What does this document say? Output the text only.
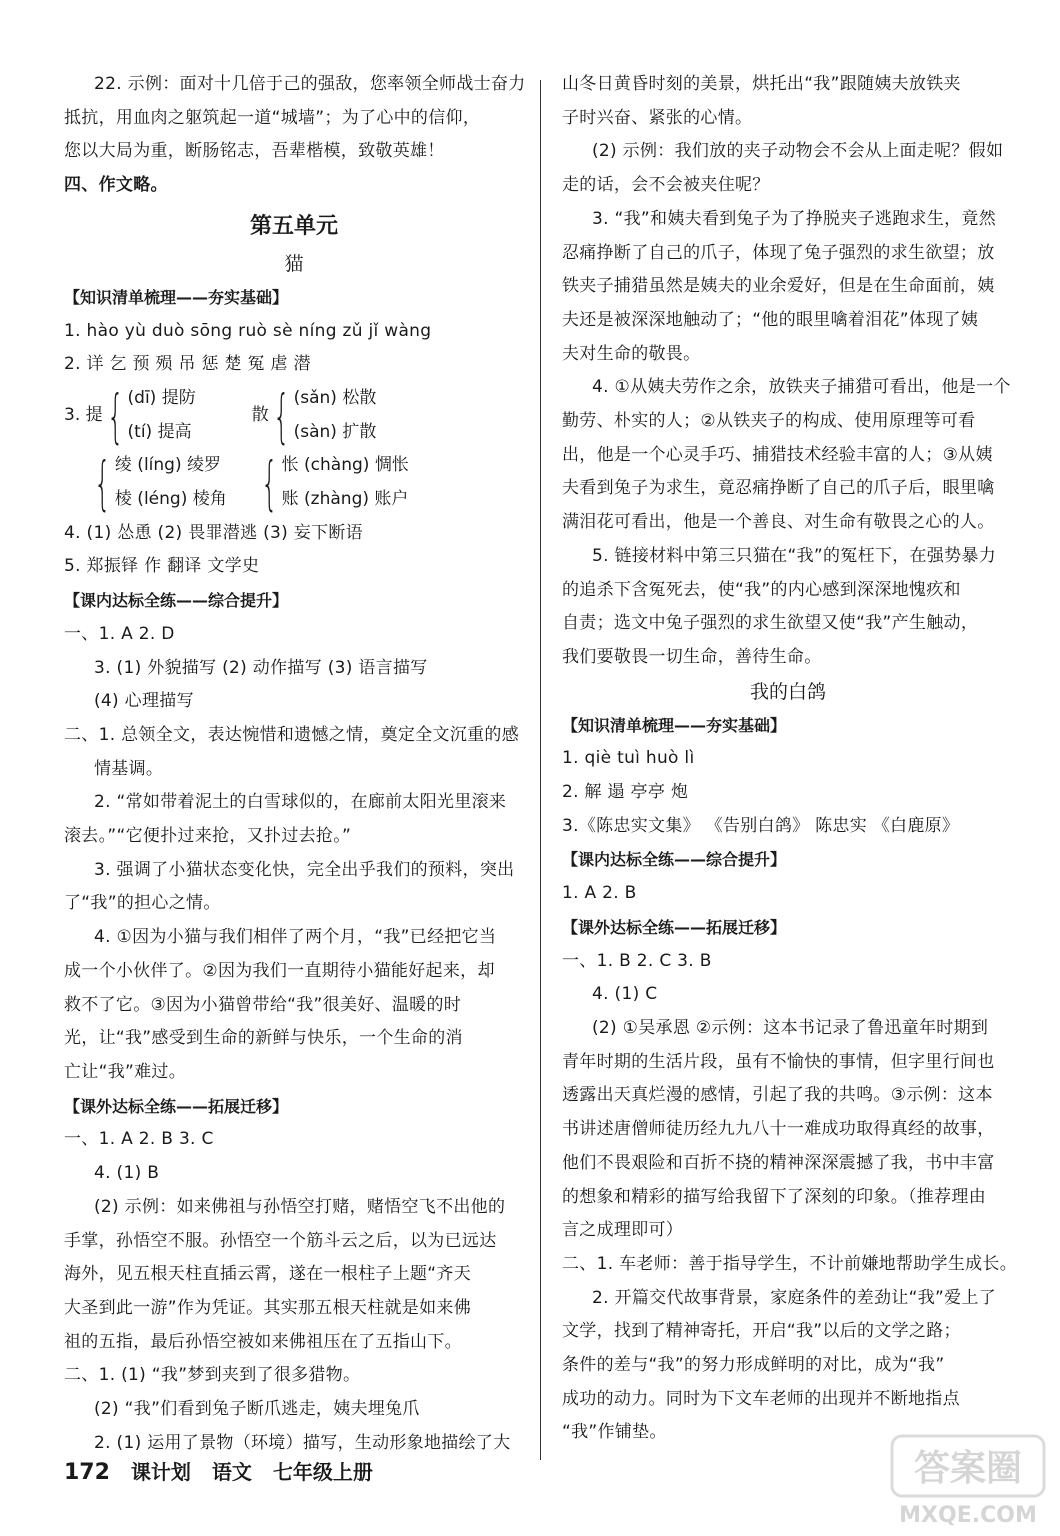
22. 示例：面对十几倍于己的强敌，您率领全师战士奋力
抵抗，用血肉之躯筑起一道“城墙”；为了心中的信仰，
您以大局为重，断肠铭志，吾辈楷模，致敬英雄！
四、作文略。
第五单元
猫
【知识清单梳理——夯实基础】
1. hào yù duò sōng ruò sè níng zǔ jǐ wàng
2. 详 乞 预 殒 吊 惩 楚 冤 虐 潜
3. 提 { (dī) 提防
(tí) 提高
散 { (sǎn) 松散
(sàn) 扩散
{ 绫 (líng) 绫罗
棱 (léng) 棱角 { 怅 (chàng) 惆怅
账 (zhàng) 账户
4. (1) 怂恿 (2) 畏罪潜逃 (3) 妄下断语
5. 郑振铎 作 翻译 文学史
【课内达标全练——综合提升】
一、1. A 2. D
3. (1) 外貌描写 (2) 动作描写 (3) 语言描写
(4) 心理描写
二、1. 总领全文，表达惋惜和遗憾之情，奠定全文沉重的感
情基调。
2. “常如带着泥土的白雪球似的，在廊前太阳光里滚来
滚去。”“它便扑过来抢，又扑过去抢。”
3. 强调了小猫状态变化快，完全出乎我们的预料，突出
了“我”的担心之情。
4. ①因为小猫与我们相伴了两个月，“我”已经把它当
成一个小伙伴了。②因为我们一直期待小猫能好起来，却
救不了它。③因为小猫曾带给“我”很美好、温暖的时
光，让“我”感受到生命的新鲜与快乐，一个生命的消
亡让“我”难过。
【课外达标全练——拓展迁移】
一、1. A 2. B 3. C
4. (1) B
(2) 示例：如来佛祖与孙悟空打赌，赌悟空飞不出他的
手掌，孙悟空不服。孙悟空一个筋斗云之后，以为已远达
海外，见五根天柱直插云霄，遂在一根柱子上题“齐天
大圣到此一游”作为凭证。其实那五根天柱就是如来佛
祖的五指，最后孙悟空被如来佛祖压在了五指山下。
二、1. (1) “我”梦到夹到了很多猎物。
(2) “我”们看到兔子断爪逃走，姨夫埋兔爪
2. (1) 运用了景物（环境）描写，生动形象地描绘了大
山冬日黄昏时刻的美景，烘托出“我”跟随姨夫放铁夹
子时兴奋、紧张的心情。
(2) 示例：我们放的夹子动物会不会从上面走呢？假如
走的话，会不会被夹住呢？
3. “我”和姨夫看到兔子为了挣脱夹子逃跑求生，竟然
忍痛挣断了自己的爪子，体现了兔子强烈的求生欲望；放
铁夹子捕猎虽然是姨夫的业余爱好，但是在生命面前，姨
夫还是被深深地触动了；“他的眼里噙着泪花”体现了姨
夫对生命的敬畏。
4. ①从姨夫劳作之余，放铁夹子捕猎可看出，他是一个
勤劳、朴实的人；②从铁夹子的构成、使用原理等可看
出，他是一个心灵手巧、捕猎技术经验丰富的人；③从姨
夫看到兔子为求生，竟忍痛挣断了自己的爪子后，眼里噙
满泪花可看出，他是一个善良、对生命有敬畏之心的人。
5. 链接材料中第三只猫在“我”的冤枉下，在强势暴力
的追杀下含冤死去，使“我”的内心感到深深地愧疚和
自责；选文中兔子强烈的求生欲望又使“我”产生触动，
我们要敬畏一切生命，善待生命。
我的白鸽
【知识清单梳理——夯实基础】
1. qiè tuì huò lì
2. 解 遢 亭亭 炮
3.《陈忠实文集》 《告别白鸽》 陈忠实 《白鹿原》
【课内达标全练——综合提升】
1. A 2. B
【课外达标全练——拓展迁移】
一、1. B 2. C 3. B
4. (1) C
(2) ①吴承恩 ②示例：这本书记录了鲁迅童年时期到
青年时期的生活片段，虽有不愉快的事情，但字里行间也
透露出天真烂漫的感情，引起了我的共鸣。③示例：这本
书讲述唐僧师徒历经九九八十一难成功取得真经的故事，
他们不畏艰险和百折不挠的精神深深震撼了我，书中丰富
的想象和精彩的描写给我留下了深刻的印象。（推荐理由
言之成理即可）
二、1. 车老师：善于指导学生，不计前嫌地帮助学生成长。
2. 开篇交代故事背景，家庭条件的差劲让“我”爱上了
文学，找到了精神寄托，开启“我”以后的文学之路；
条件的差与“我”的努力形成鲜明的对比，成为“我”
成功的动力。同时为下文车老师的出现并不断地指点
“我”作铺垫。
172 课计划 语文 七年级上册	答案圈
MXQE.COM
